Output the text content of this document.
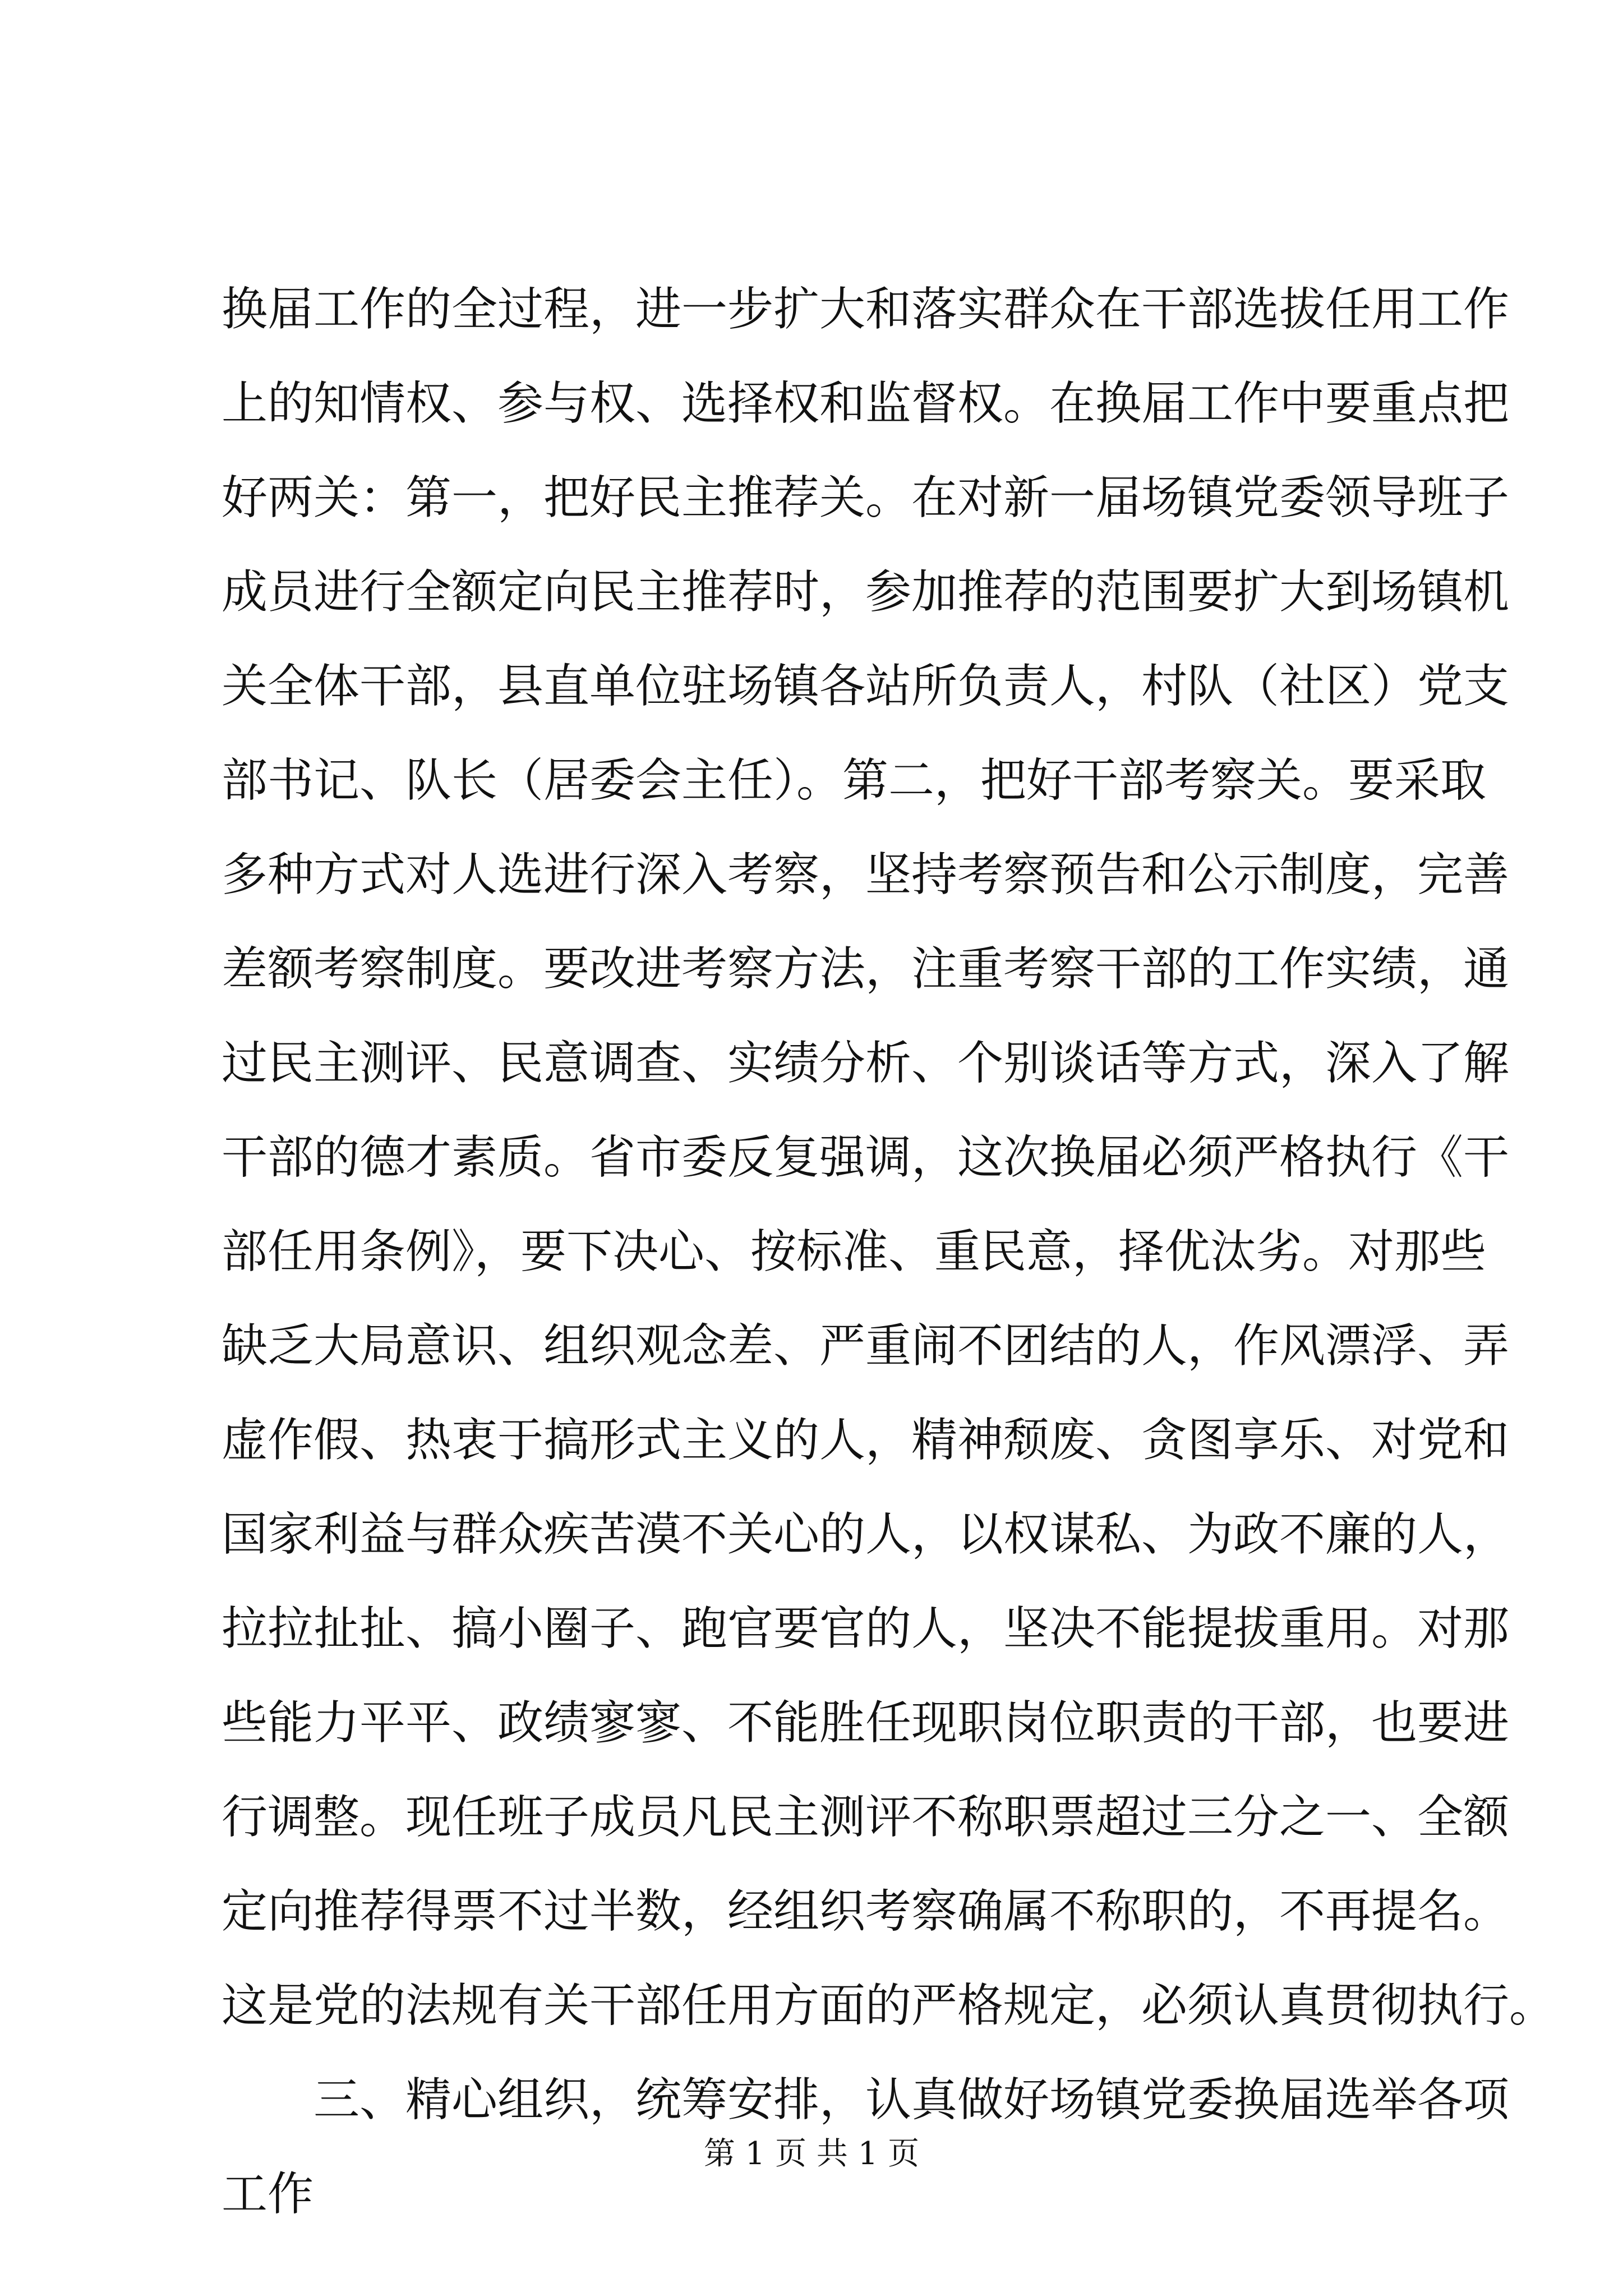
换届工作的全过程，进一步扩大和落实群众在干部选拔任用工作
上的知情权、参与权、选择权和监督权。在换届工作中要重点把
好两关：第一，把好民主推荐关。在对新一届场镇党委领导班子
成员进行全额定向民主推荐时，参加推荐的范围要扩大到场镇机
关全体干部，县直单位驻场镇各站所负责人，村队（社区）党支
部书记、队长（居委会主任）。第二，把好干部考察关。要采取
多种方式对人选进行深入考察，坚持考察预告和公示制度，完善
差额考察制度。要改进考察方法，注重考察干部的工作实绩，通
过民主测评、民意调查、实绩分析、个别谈话等方式，深入了解
干部的德才素质。省市委反复强调，这次换届必须严格执行《干
部任用条例》，要下决心、按标准、重民意，择优汰劣。对那些
缺乏大局意识、组织观念差、严重闹不团结的人，作风漂浮、弄
虚作假、热衷于搞形式主义的人，精神颓废、贪图享乐、对党和
国家利益与群众疾苦漠不关心的人，以权谋私、为政不廉的人，
拉拉扯扯、搞小圈子、跑官要官的人，坚决不能提拔重用。对那
些能力平平、政绩寥寥、不能胜任现职岗位职责的干部，也要进
行调整。现任班子成员凡民主测评不称职票超过三分之一、全额
定向推荐得票不过半数，经组织考察确属不称职的，不再提名。
这是党的法规有关干部任用方面的严格规定，必须认真贯彻执行。
三、精心组织，统筹安排，认真做好场镇党委换届选举各项
工作
第 1 页 共 1 页
